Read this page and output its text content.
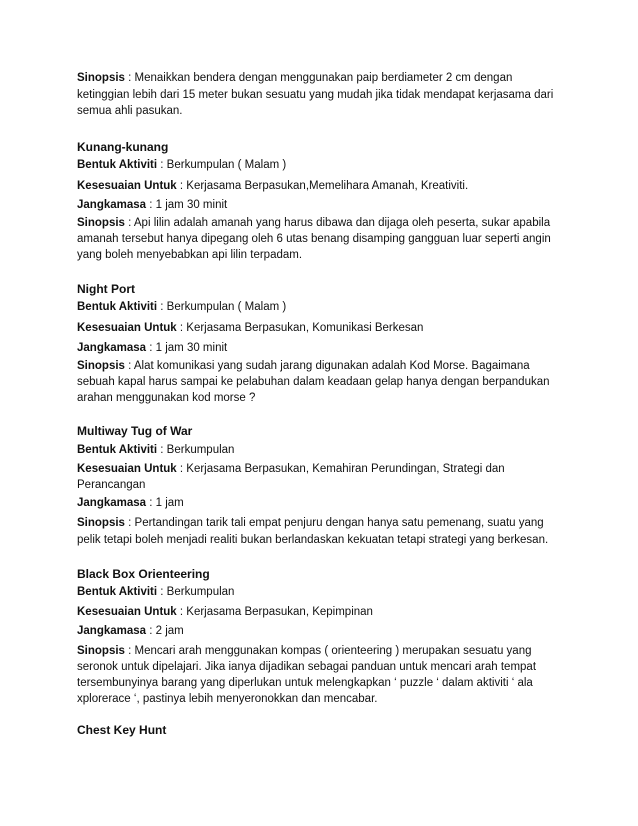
Sinopsis : Menaikkan bendera dengan menggunakan paip berdiameter 2 cm dengan
ketinggian lebih dari 15 meter bukan sesuatu yang mudah jika tidak mendapat kerjasama dari
semua ahli pasukan.
Kunang-kunang
Bentuk Aktiviti : Berkumpulan ( Malam )
Kesesuaian Untuk : Kerjasama Berpasukan,Memelihara Amanah, Kreativiti.
Jangkamasa : 1 jam 30 minit
Sinopsis : Api lilin adalah amanah yang harus dibawa dan dijaga oleh peserta, sukar apabila
amanah tersebut hanya dipegang oleh 6 utas benang disamping gangguan luar seperti angin
yang boleh menyebabkan api lilin terpadam.
Night Port
Bentuk Aktiviti : Berkumpulan ( Malam )
Kesesuaian Untuk : Kerjasama Berpasukan, Komunikasi Berkesan
Jangkamasa : 1 jam 30 minit
Sinopsis : Alat komunikasi yang sudah jarang digunakan adalah Kod Morse. Bagaimana
sebuah kapal harus sampai ke pelabuhan dalam keadaan gelap hanya dengan berpandukan
arahan menggunakan kod morse ?
Multiway Tug of War
Bentuk Aktiviti : Berkumpulan
Kesesuaian Untuk : Kerjasama Berpasukan, Kemahiran Perundingan, Strategi dan
Perancangan
Jangkamasa : 1 jam
Sinopsis : Pertandingan tarik tali empat penjuru dengan hanya satu pemenang, suatu yang
pelik tetapi boleh menjadi realiti bukan berlandaskan kekuatan tetapi strategi yang berkesan.
Black Box Orienteering
Bentuk Aktiviti : Berkumpulan
Kesesuaian Untuk : Kerjasama Berpasukan, Kepimpinan
Jangkamasa : 2 jam
Sinopsis : Mencari arah menggunakan kompas ( orienteering ) merupakan sesuatu yang
seronok untuk dipelajari. Jika ianya dijadikan sebagai panduan untuk mencari arah tempat
tersembunyinya barang yang diperlukan untuk melengkapkan ‘ puzzle ‘ dalam aktiviti ‘ ala
xplorerace ‘, pastinya lebih menyeronokkan dan mencabar.
Chest Key Hunt
